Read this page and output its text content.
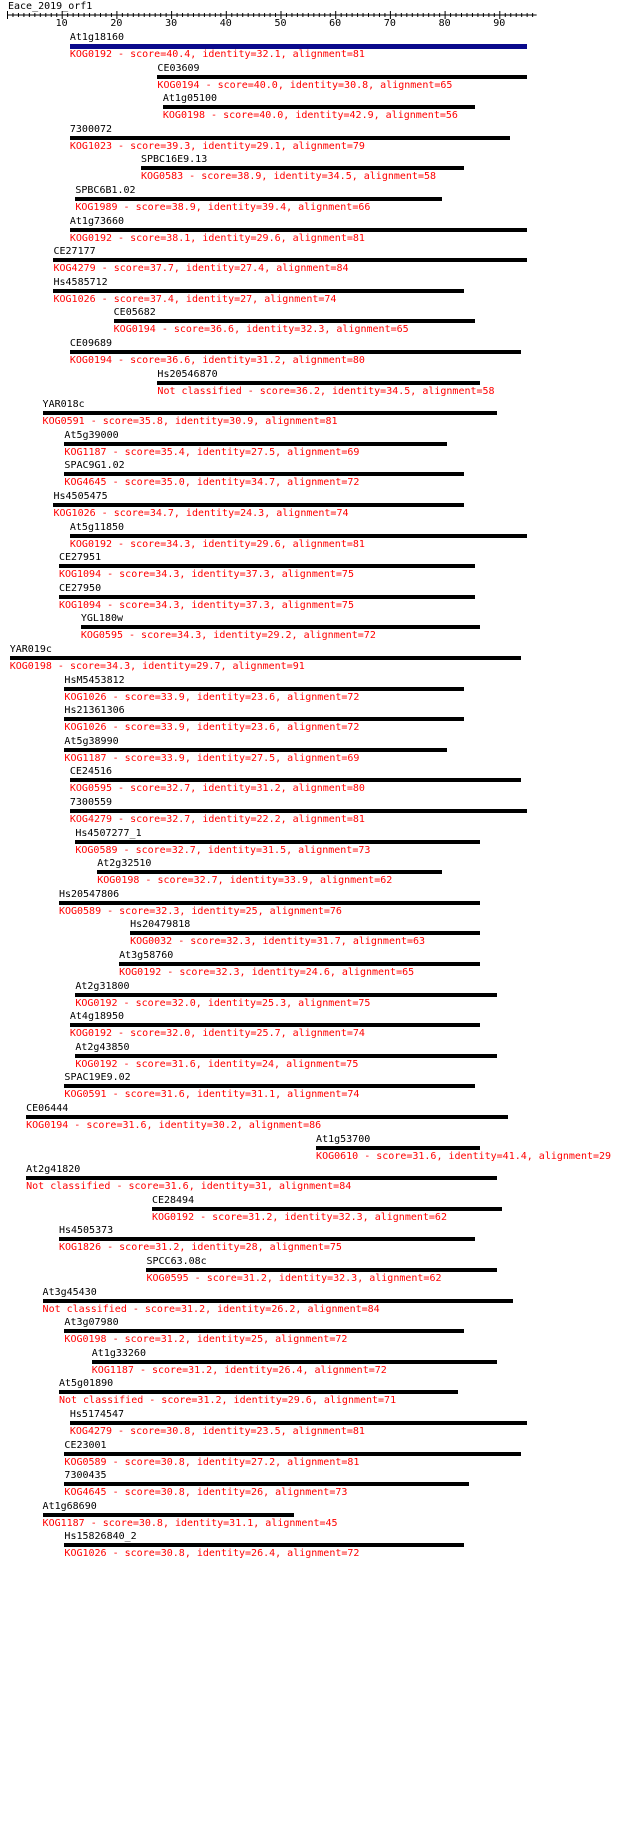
Eace_2019_orf1
10	20	30	40	50	60	70	80	90
At1g18160
KOG0192 - score=40.4, identity=32.1, alignment=81
CE03609
KOG0194 - score=40.0, identity=30.8, alignment=65
At1g05100
KOG0198 - score=40.0, identity=42.9, alignment=56
7300072
KOG1023 - score=39.3, identity=29.1, alignment=79
SPBC16E9.13
KOG0583 - score=38.9, identity=34.5, alignment=58
SPBC6B1.02
KOG1989 - score=38.9, identity=39.4, alignment=66
At1g73660
KOG0192 - score=38.1, identity=29.6, alignment=81
CE27177
KOG4279 - score=37.7, identity=27.4, alignment=84
Hs4585712
KOG1026 - score=37.4, identity=27, alignment=74
CE05682
KOG0194 - score=36.6, identity=32.3, alignment=65
CE09689
KOG0194 - score=36.6, identity=31.2, alignment=80
Hs20546870
Not classified - score=36.2, identity=34.5, alignment=58
YAR018c
KOG0591 - score=35.8, identity=30.9, alignment=81
At5g39000
KOG1187 - score=35.4, identity=27.5, alignment=69
SPAC9G1.02
KOG4645 - score=35.0, identity=34.7, alignment=72
Hs4505475
KOG1026 - score=34.7, identity=24.3, alignment=74
At5g11850
KOG0192 - score=34.3, identity=29.6, alignment=81
CE27951
KOG1094 - score=34.3, identity=37.3, alignment=75
CE27950
KOG1094 - score=34.3, identity=37.3, alignment=75
YGL180w
KOG0595 - score=34.3, identity=29.2, alignment=72
YAR019c
KOG0198 - score=34.3, identity=29.7, alignment=91
HsM5453812
KOG1026 - score=33.9, identity=23.6, alignment=72
Hs21361306
KOG1026 - score=33.9, identity=23.6, alignment=72
At5g38990
KOG1187 - score=33.9, identity=27.5, alignment=69
CE24516
KOG0595 - score=32.7, identity=31.2, alignment=80
7300559
KOG4279 - score=32.7, identity=22.2, alignment=81
Hs4507277_1
KOG0589 - score=32.7, identity=31.5, alignment=73
At2g32510
KOG0198 - score=32.7, identity=33.9, alignment=62
Hs20547806
KOG0589 - score=32.3, identity=25, alignment=76
Hs20479818
KOG0032 - score=32.3, identity=31.7, alignment=63
At3g58760
KOG0192 - score=32.3, identity=24.6, alignment=65
At2g31800
KOG0192 - score=32.0, identity=25.3, alignment=75
At4g18950
KOG0192 - score=32.0, identity=25.7, alignment=74
At2g43850
KOG0192 - score=31.6, identity=24, alignment=75
SPAC19E9.02
KOG0591 - score=31.6, identity=31.1, alignment=74
CE06444
KOG0194 - score=31.6, identity=30.2, alignment=86
At1g53700
KOG0610 - score=31.6, identity=41.4, alignment=29
At2g41820
Not classified - score=31.6, identity=31, alignment=84
CE28494
KOG0192 - score=31.2, identity=32.3, alignment=62
Hs4505373
KOG1826 - score=31.2, identity=28, alignment=75
SPCC63.08c
KOG0595 - score=31.2, identity=32.3, alignment=62
At3g45430
Not classified - score=31.2, identity=26.2, alignment=84
At3g07980
KOG0198 - score=31.2, identity=25, alignment=72
At1g33260
KOG1187 - score=31.2, identity=26.4, alignment=72
At5g01890
Not classified - score=31.2, identity=29.6, alignment=71
Hs5174547
KOG4279 - score=30.8, identity=23.5, alignment=81
CE23001
KOG0589 - score=30.8, identity=27.2, alignment=81
7300435
KOG4645 - score=30.8, identity=26, alignment=73
At1g68690
KOG1187 - score=30.8, identity=31.1, alignment=45
Hs15826840_2
KOG1026 - score=30.8, identity=26.4, alignment=72
